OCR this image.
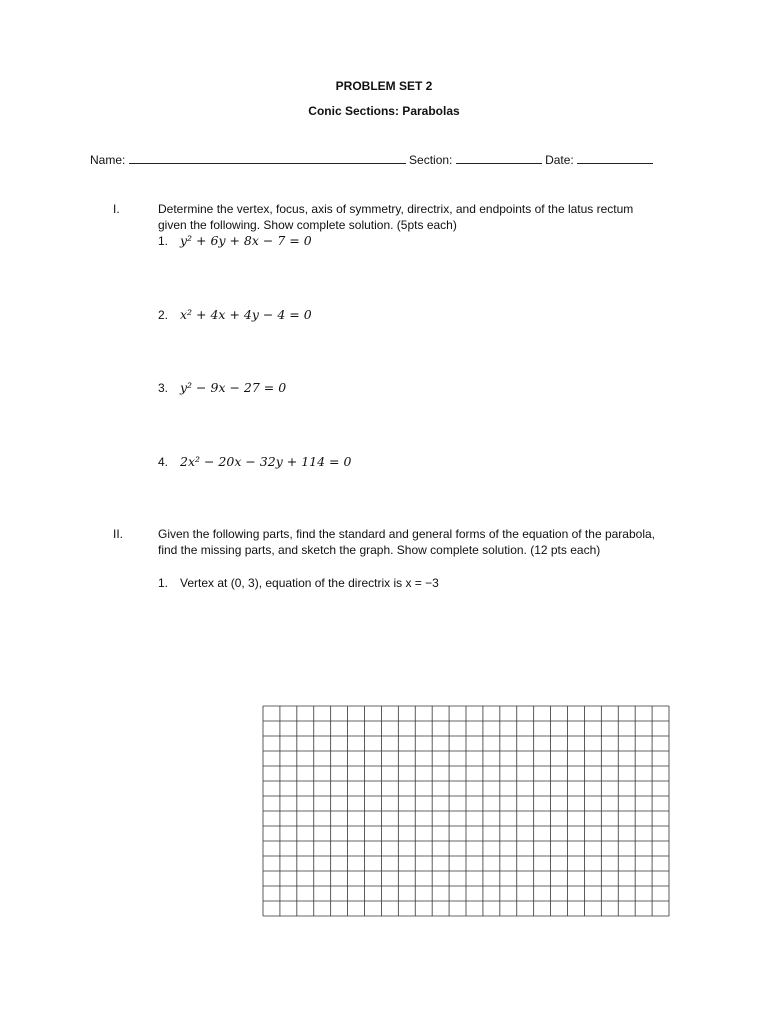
PROBLEM SET 2
Conic Sections: Parabolas
Name:	Section:	Date:
I.	Determine the vertex, focus, axis of symmetry, directrix, and endpoints of the latus rectum given the following. Show complete solution. (5pts each)
1. y² + 6y + 8x − 7 = 0
2. x² + 4x + 4y − 4 = 0
3. y² − 9x − 27 = 0
4. 2x² − 20x − 32y + 114 = 0
II.	Given the following parts, find the standard and general forms of the equation of the parabola, find the missing parts, and sketch the graph. Show complete solution. (12 pts each)
1. Vertex at (0, 3), equation of the directrix is x = −3
